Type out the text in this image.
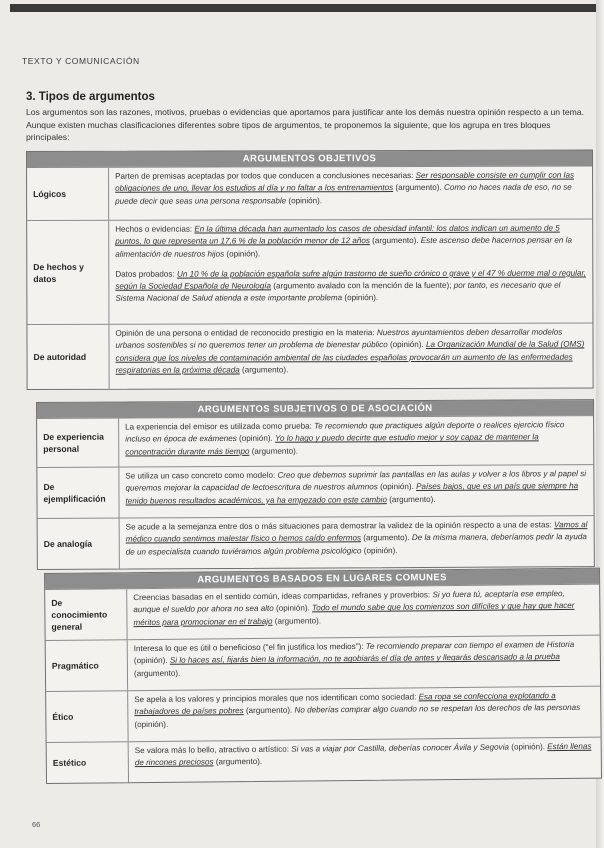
TEXTO Y COMUNICACIÓN
3. Tipos de argumentos
Los argumentos son las razones, motivos, pruebas o evidencias que aportamos para justificar ante los demás nuestra opinión respecto a un tema. Aunque existen muchas clasificaciones diferentes sobre tipos de argumentos, te proponemos la siguiente, que los agrupa en tres bloques principales:
ARGUMENTOS OBJETIVOS
Lógicos
Parten de premisas aceptadas por todos que conducen a conclusiones necesarias: Ser responsable consiste en cumplir con las obligaciones de uno, llevar los estudios al día y no faltar a los entrenamientos (argumento). Como no haces nada de eso, no se puede decir que seas una persona responsable (opinión).
De hechos y datos

Hechos o evidencias: En la última década han aumentado los casos de obesidad infantil: los datos indican un aumento de 5 puntos, lo que representa un 17,6 % de la población menor de 12 años (argumento). Este ascenso debe hacernos pensar en la alimentación de nuestros hijos (opinión).

Datos probados: Un 10 % de la población española sufre algún trastorno de sueño crónico o grave y el 47 % duerme mal o regular, según la Sociedad Española de Neurología (argumento avalado con la mención de la fuente); por tanto, es necesario que el Sistema Nacional de Salud atienda a este importante problema (opinión).

De autoridad
Opinión de una persona o entidad de reconocido prestigio en la materia: Nuestros ayuntamientos deben desarrollar modelos urbanos sostenibles si no queremos tener un problema de bienestar público (opinión). La Organización Mundial de la Salud (OMS) considera que los niveles de contaminación ambiental de las ciudades españolas provocarán un aumento de las enfermedades respiratorias en la próxima década (argumento).
ARGUMENTOS SUBJETIVOS O DE ASOCIACIÓN
De experiencia personal
La experiencia del emisor es utilizada como prueba: Te recomiendo que practiques algún deporte o realices ejercicio físico incluso en época de exámenes (opinión). Yo lo hago y puedo decirte que estudio mejor y soy capaz de mantener la concentración durante más tiempo (argumento).
De ejemplificación
Se utiliza un caso concreto como modelo: Creo que debemos suprimir las pantallas en las aulas y volver a los libros y al papel si queremos mejorar la capacidad de lectoescritura de nuestros alumnos (opinión). Países bajos, que es un país que siempre ha tenido buenos resultados académicos, ya ha empezado con este cambio (argumento).
De analogía
Se acude a la semejanza entre dos o más situaciones para demostrar la validez de la opinión respecto a una de estas: Vamos al médico cuando sentimos malestar físico o hemos caído enfermos (argumento). De la misma manera, deberíamos pedir la ayuda de un especialista cuando tuviéramos algún problema psicológico (opinión).
ARGUMENTOS BASADOS EN LUGARES COMUNES
De conocimiento general
Creencias basadas en el sentido común, ideas compartidas, refranes y proverbios: Si yo fuera tú, aceptaría ese empleo, aunque el sueldo por ahora no sea alto (opinión). Todo el mundo sabe que los comienzos son difíciles y que hay que hacer méritos para promocionar en el trabajo (argumento).
Pragmático
Interesa lo que es útil o beneficioso ("el fin justifica los medios"): Te recomiendo preparar con tiempo el examen de Historia (opinión). Si lo haces así, fijarás bien la información, no te agobiarás el día de antes y llegarás descansado a la prueba (argumento).
Ético
Se apela a los valores y principios morales que nos identifican como sociedad: Esa ropa se confecciona explotando a trabajadores de países pobres (argumento). No deberías comprar algo cuando no se respetan los derechos de las personas (opinión).
Estético
Se valora más lo bello, atractivo o artístico: Si vas a viajar por Castilla, deberías conocer Ávila y Segovia (opinión). Están llenas de rincones preciosos (argumento).
66
